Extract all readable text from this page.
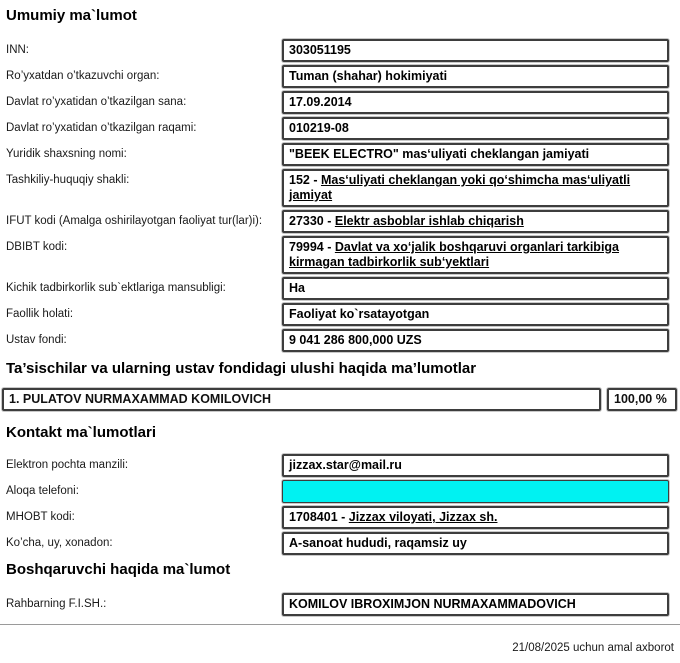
Umumiy ma`lumot
INN:	303051195
Ro’yxatdan o’tkazuvchi organ:	Tuman (shahar) hokimiyati
Davlat ro’yxatidan o’tkazilgan sana:	17.09.2014
Davlat ro’yxatidan o’tkazilgan raqami:	010219-08
Yuridik shaxsning nomi:	"BEEK ELECTRO" mas‘uliyati cheklangan jamiyati
Tashkiliy-huquqiy shakli:	152 - Mas‘uliyati cheklangan yoki qo‘shimcha mas‘uliyatli jamiyat
IFUT kodi (Amalga oshirilayotgan faoliyat tur(lar)i):	27330 - Elektr asboblar ishlab chiqarish
DBIBT kodi:	79994 - Davlat va xo‘jalik boshqaruvi organlari tarkibiga kirmagan tadbirkorlik sub‘yektlari
Kichik tadbirkorlik sub`ektlariga mansubligi:	Ha
Faollik holati:	Faoliyat ko`rsatayotgan
Ustav fondi:	9 041 286 800,000 UZS
Ta’sischilar va ularning ustav fondidagi ulushi haqida ma’lumotlar
1. PULATOV NURMAXAMMAD KOMILOVICH	100,00 %
Kontakt ma`lumotlari
Elektron pochta manzili:	jizzax.star@mail.ru
Aloqa telefoni:
MHOBT kodi:	1708401 - Jizzax viloyati, Jizzax sh.
Ko’cha, uy, xonadon:	A-sanoat hududi, raqamsiz uy
Boshqaruvchi haqida ma`lumot
Rahbarning F.I.SH.:	KOMILOV IBROXIMJON NURMAXAMMADOVICH
21/08/2025 uchun amal axborot
